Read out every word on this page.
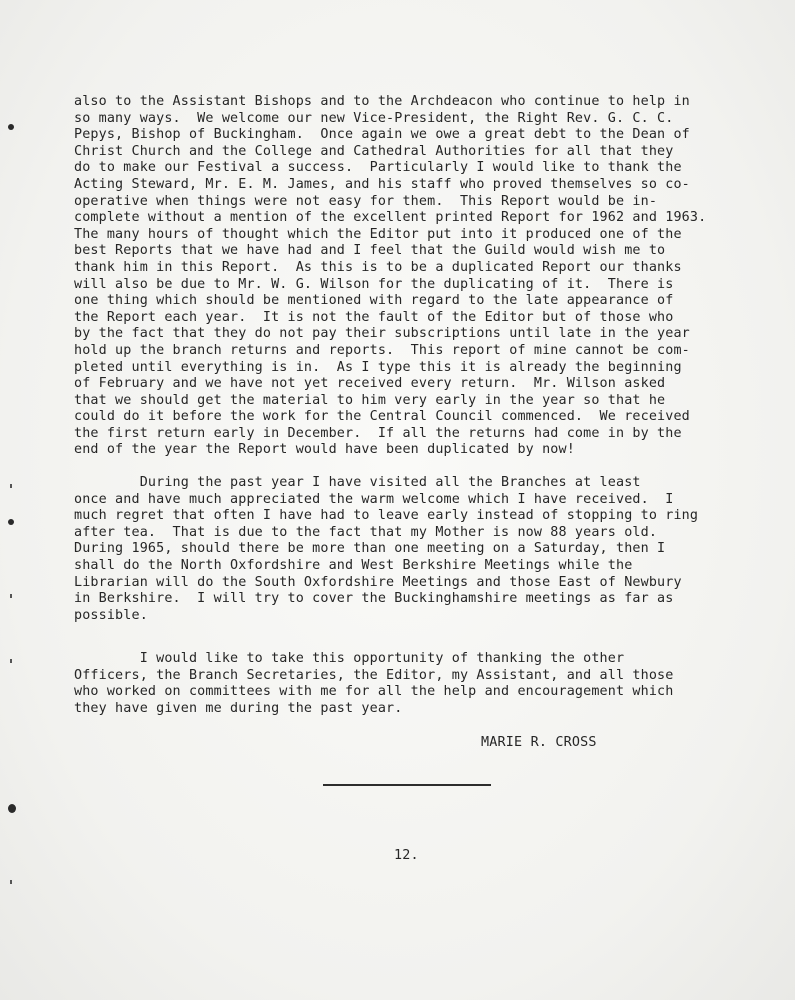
also to the Assistant Bishops and to the Archdeacon who continue to help in
so many ways.  We welcome our new Vice-President, the Right Rev. G. C. C.
Pepys, Bishop of Buckingham.  Once again we owe a great debt to the Dean of
Christ Church and the College and Cathedral Authorities for all that they
do to make our Festival a success.  Particularly I would like to thank the
Acting Steward, Mr. E. M. James, and his staff who proved themselves so co-
operative when things were not easy for them.  This Report would be in-
complete without a mention of the excellent printed Report for 1962 and 1963.
The many hours of thought which the Editor put into it produced one of the
best Reports that we have had and I feel that the Guild would wish me to
thank him in this Report.  As this is to be a duplicated Report our thanks
will also be due to Mr. W. G. Wilson for the duplicating of it.  There is
one thing which should be mentioned with regard to the late appearance of
the Report each year.  It is not the fault of the Editor but of those who
by the fact that they do not pay their subscriptions until late in the year
hold up the branch returns and reports.  This report of mine cannot be com-
pleted until everything is in.  As I type this it is already the beginning
of February and we have not yet received every return.  Mr. Wilson asked
that we should get the material to him very early in the year so that he
could do it before the work for the Central Council commenced.  We received
the first return early in December.  If all the returns had come in by the
end of the year the Report would have been duplicated by now!
During the past year I have visited all the Branches at least
once and have much appreciated the warm welcome which I have received.  I
much regret that often I have had to leave early instead of stopping to ring
after tea.  That is due to the fact that my Mother is now 88 years old.
During 1965, should there be more than one meeting on a Saturday, then I
shall do the North Oxfordshire and West Berkshire Meetings while the
Librarian will do the South Oxfordshire Meetings and those East of Newbury
in Berkshire.  I will try to cover the Buckinghamshire meetings as far as
possible.
I would like to take this opportunity of thanking the other
Officers, the Branch Secretaries, the Editor, my Assistant, and all those
who worked on committees with me for all the help and encouragement which
they have given me during the past year.
MARIE R. CROSS
12.
